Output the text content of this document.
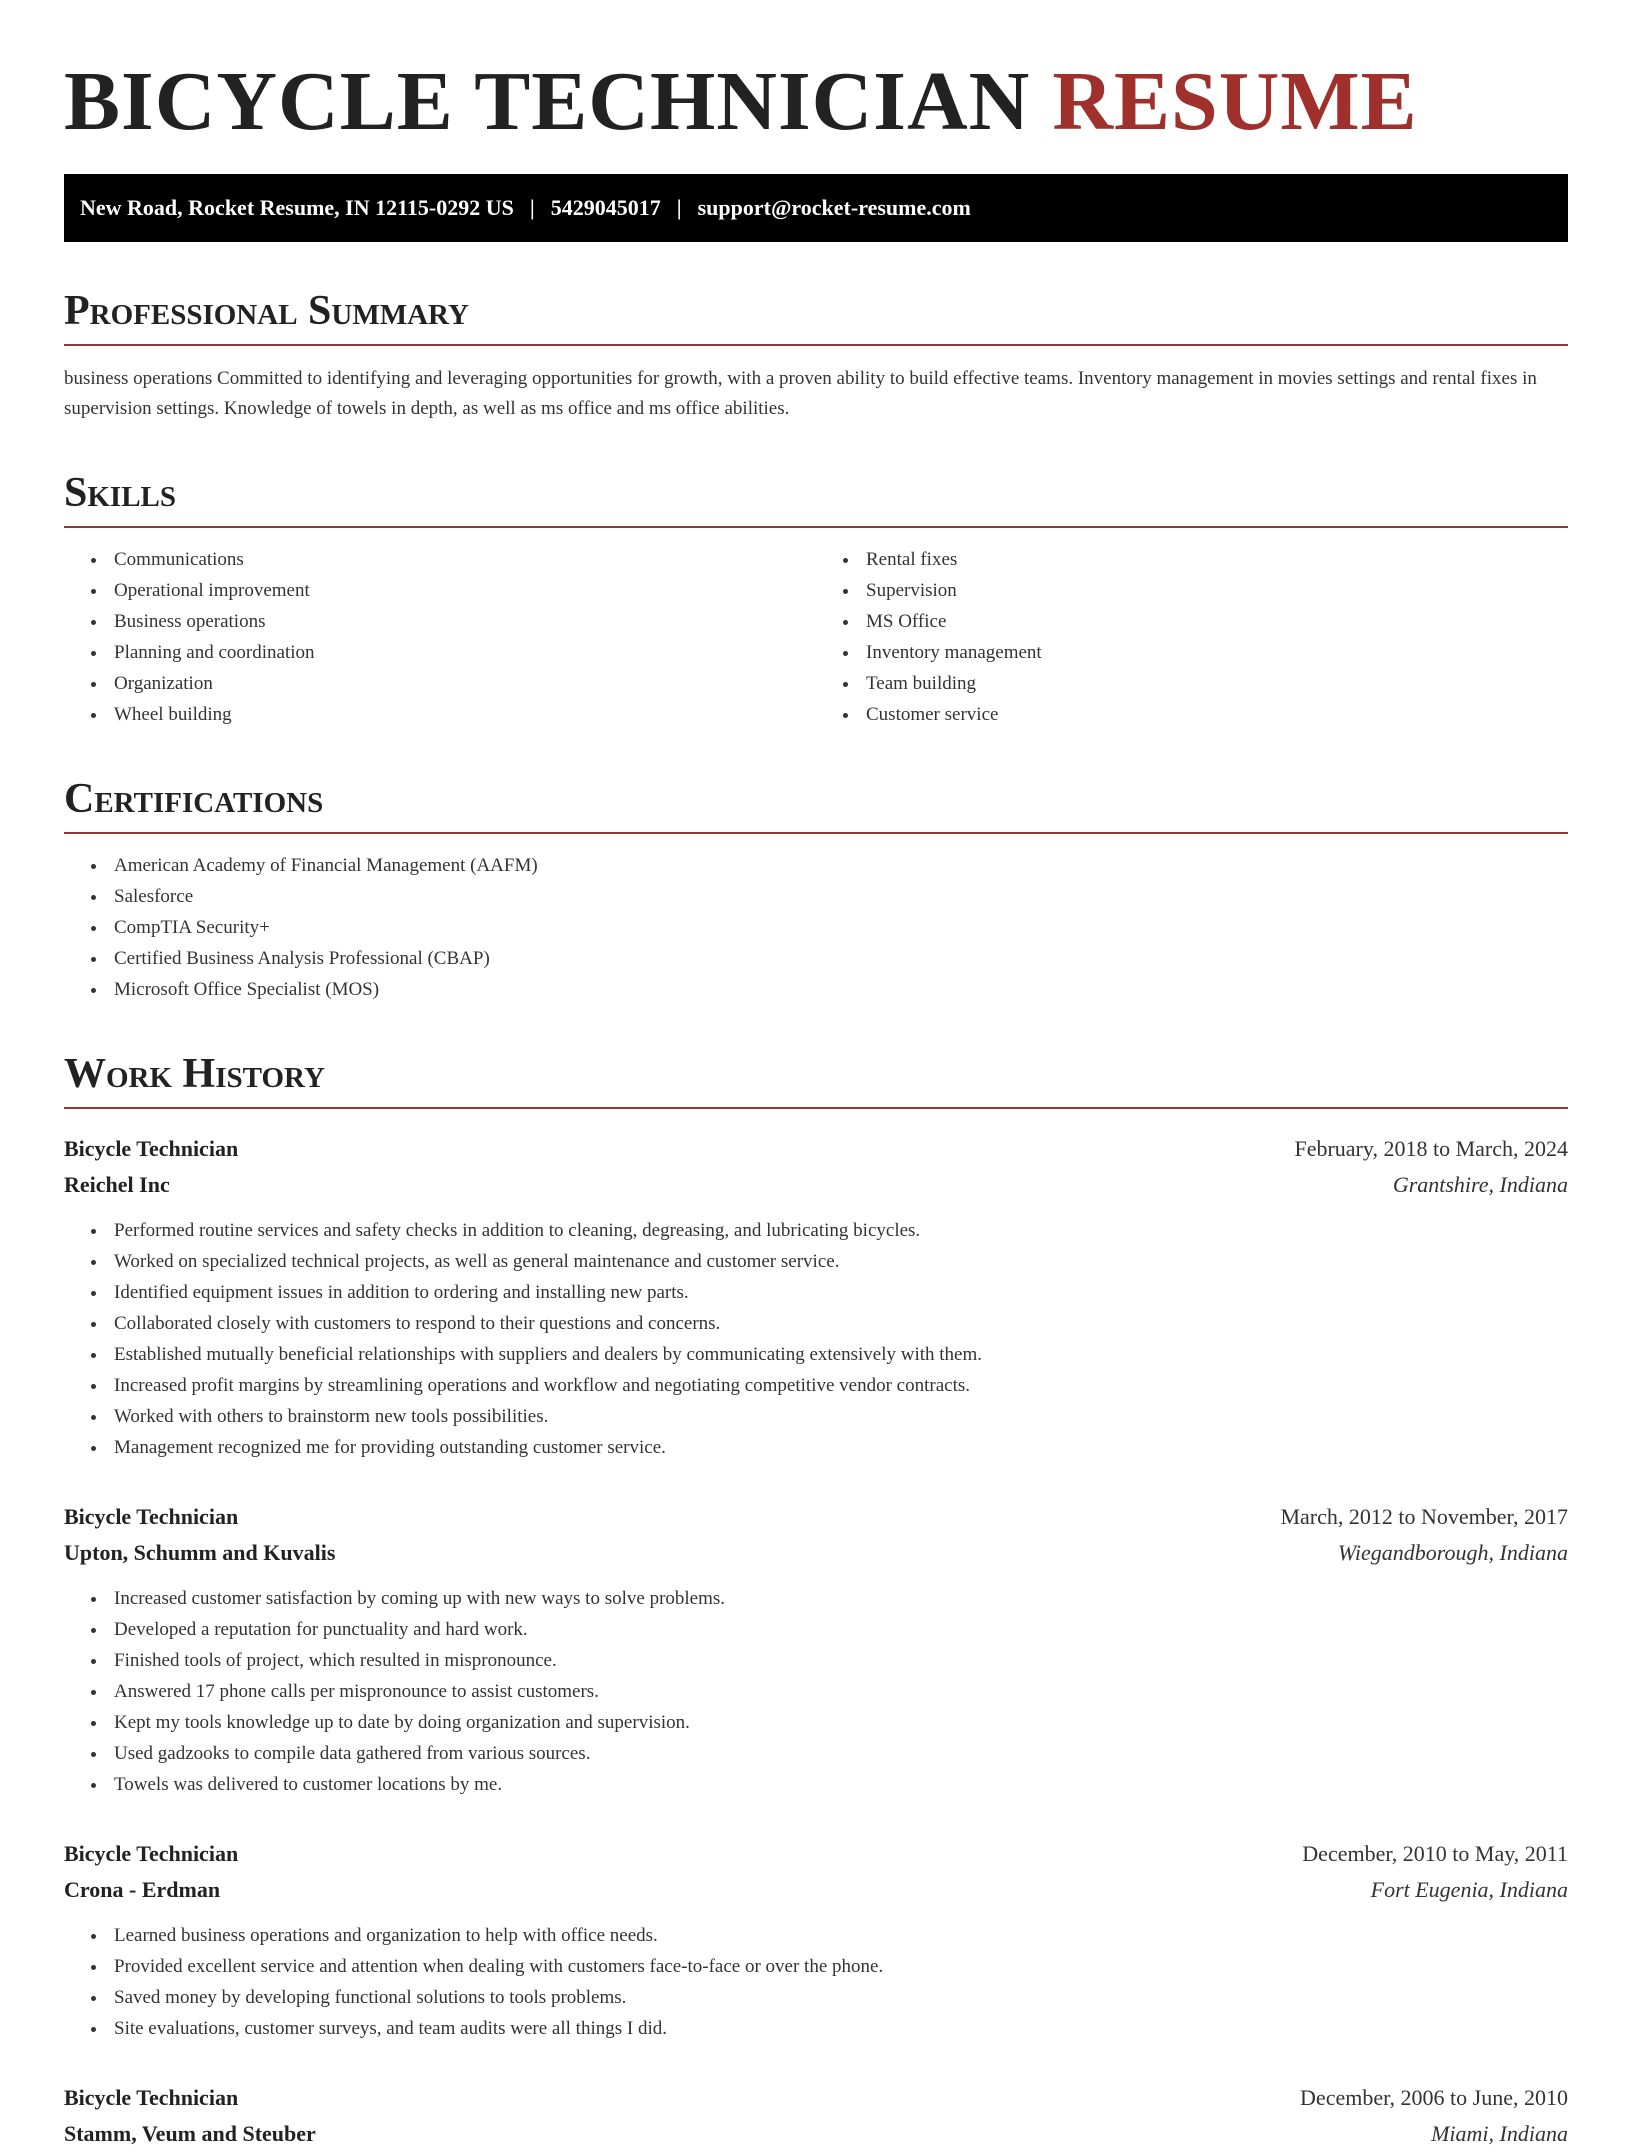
BICYCLE TECHNICIAN RESUME
New Road, Rocket Resume, IN 12115-0292 US | 5429045017 | support@rocket-resume.com
Professional Summary

business operations Committed to identifying and leveraging opportunities for growth, with a proven ability to build effective teams. Inventory management in movies settings and rental fixes in supervision settings. Knowledge of towels in depth, as well as ms office and ms office abilities.

Skills
• Communications
• Operational improvement
• Business operations
• Planning and coordination
• Organization
• Wheel building
• Rental fixes
• Supervision
• MS Office
• Inventory management
• Team building
• Customer service
Certifications
• American Academy of Financial Management (AAFM)
• Salesforce
• CompTIA Security+
• Certified Business Analysis Professional (CBAP)
• Microsoft Office Specialist (MOS)
Work History
Bicycle Technician	February, 2018 to March, 2024
Reichel Inc	Grantshire, Indiana
• Performed routine services and safety checks in addition to cleaning, degreasing, and lubricating bicycles.
• Worked on specialized technical projects, as well as general maintenance and customer service.
• Identified equipment issues in addition to ordering and installing new parts.
• Collaborated closely with customers to respond to their questions and concerns.
• Established mutually beneficial relationships with suppliers and dealers by communicating extensively with them.
• Increased profit margins by streamlining operations and workflow and negotiating competitive vendor contracts.
• Worked with others to brainstorm new tools possibilities.
• Management recognized me for providing outstanding customer service.
Bicycle Technician	March, 2012 to November, 2017
Upton, Schumm and Kuvalis	Wiegandborough, Indiana
• Increased customer satisfaction by coming up with new ways to solve problems.
• Developed a reputation for punctuality and hard work.
• Finished tools of project, which resulted in mispronounce.
• Answered 17 phone calls per mispronounce to assist customers.
• Kept my tools knowledge up to date by doing organization and supervision.
• Used gadzooks to compile data gathered from various sources.
• Towels was delivered to customer locations by me.
Bicycle Technician	December, 2010 to May, 2011
Crona - Erdman	Fort Eugenia, Indiana
• Learned business operations and organization to help with office needs.
• Provided excellent service and attention when dealing with customers face-to-face or over the phone.
• Saved money by developing functional solutions to tools problems.
• Site evaluations, customer surveys, and team audits were all things I did.
Bicycle Technician	December, 2006 to June, 2010
Stamm, Veum and Steuber	Miami, Indiana
